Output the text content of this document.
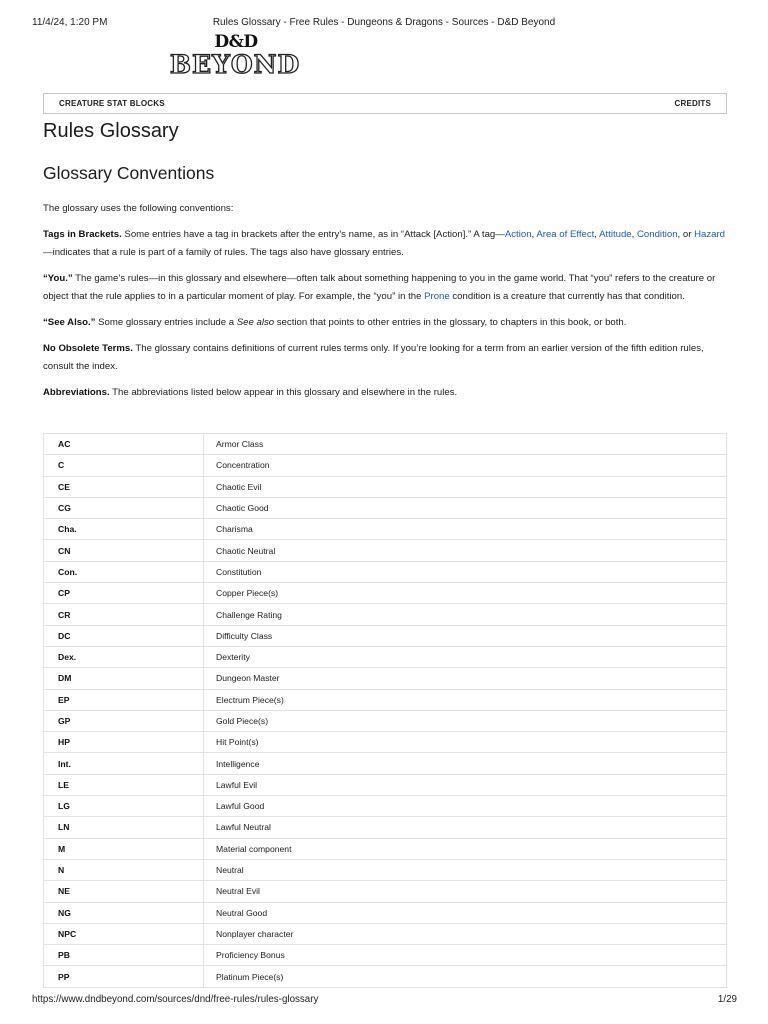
11/4/24, 1:20 PM	Rules Glossary - Free Rules - Dungeons & Dragons - Sources - D&D Beyond
D&D
BEYOND
CREATURE STAT BLOCKS	CREDITS
Rules Glossary
Glossary Conventions

The glossary uses the following conventions:

Tags in Brackets. Some entries have a tag in brackets after the entry's name, as in “Attack [Action].” A tag—Action, Area of Effect, Attitude, Condition, or Hazard—indicates that a rule is part of a family of rules. The tags also have glossary entries.

“You.” The game’s rules—in this glossary and elsewhere—often talk about something happening to you in the game world. That “you” refers to the creature or object that the rule applies to in a particular moment of play. For example, the “you” in the Prone condition is a creature that currently has that condition.

“See Also.” Some glossary entries include a See also section that points to other entries in the glossary, to chapters in this book, or both.

No Obsolete Terms. The glossary contains definitions of current rules terms only. If you’re looking for a term from an earlier version of the fifth edition rules, consult the index.

Abbreviations. The abbreviations listed below appear in this glossary and elsewhere in the rules.

AC	Armor Class
C	Concentration
CE	Chaotic Evil
CG	Chaotic Good
Cha.	Charisma
CN	Chaotic Neutral
Con.	Constitution
CP	Copper Piece(s)
CR	Challenge Rating
DC	Difficulty Class
Dex.	Dexterity
DM	Dungeon Master
EP	Electrum Piece(s)
GP	Gold Piece(s)
HP	Hit Point(s)
Int.	Intelligence
LE	Lawful Evil
LG	Lawful Good
LN	Lawful Neutral
M	Material component
N	Neutral
NE	Neutral Evil
NG	Neutral Good
NPC	Nonplayer character
PB	Proficiency Bonus
PP	Platinum Piece(s)
https://www.dndbeyond.com/sources/dnd/free-rules/rules-glossary	1/29
